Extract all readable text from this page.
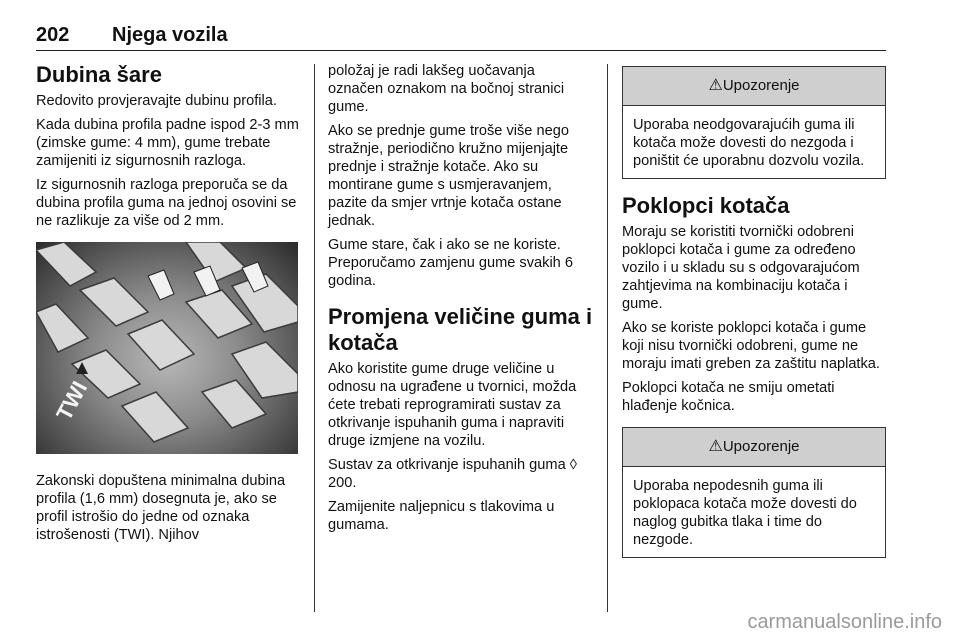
202 Njega vozila
Dubina šare

Redovito provjeravajte dubinu profila.

Kada dubina profila padne ispod 2-3 mm (zimske gume: 4 mm), gume trebate zamijeniti iz sigurnosnih razloga.

Iz sigurnosnih razloga preporuča se da dubina profila guma na jednoj osovini se ne razlikuje za više od 2 mm.

TWI

Zakonski dopuštena minimalna dubina profila (1,6 mm) dosegnuta je, ako se profil istrošio do jedne od oznaka istrošenosti (TWI). Njihov

položaj je radi lakšeg uočavanja označen oznakom na bočnoj stranici gume.

Ako se prednje gume troše više nego stražnje, periodično kružno mijenjajte prednje i stražnje kotače. Ako su montirane gume s usmjeravanjem, pazite da smjer vrtnje kotača ostane jednak.

Gume stare, čak i ako se ne koriste. Preporučamo zamjenu gume svakih 6 godina.

Promjena veličine guma i kotača

Ako koristite gume druge veličine u odnosu na ugrađene u tvornici, možda ćete trebati reprogramirati sustav za otkrivanje ispuhanih guma i napraviti druge izmjene na vozilu.

Sustav za otkrivanje ispuhanih guma ◊ 200.

Zamijenite naljepnicu s tlakovima u gumama.

⚠Upozorenje
Uporaba neodgovarajućih guma ili kotača može dovesti do nezgoda i poništit će uporabnu dozvolu vozila.
Poklopci kotača

Moraju se koristiti tvornički odobreni poklopci kotača i gume za određeno vozilo i u skladu su s odgovarajućom zahtjevima na kombinaciju kotača i gume.

Ako se koriste poklopci kotača i gume koji nisu tvornički odobreni, gume ne moraju imati greben za zaštitu naplatka.

Poklopci kotača ne smiju ometati hlađenje kočnica.

⚠Upozorenje
Uporaba nepodesnih guma ili poklopaca kotača može dovesti do naglog gubitka tlaka i time do nezgode.
carmanualsonline.info
